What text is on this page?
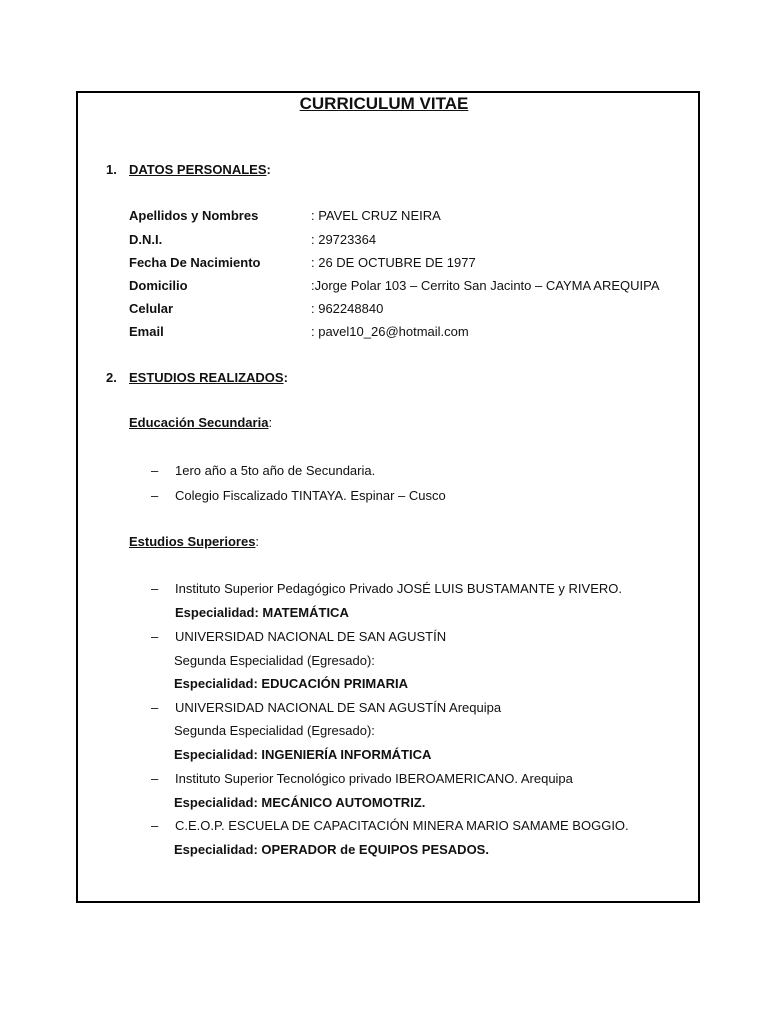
CURRICULUM VITAE
1. DATOS PERSONALES:
Apellidos y Nombres	: PAVEL CRUZ NEIRA
D.N.I.	: 29723364
Fecha De Nacimiento	: 26 DE OCTUBRE DE 1977
Domicilio	:Jorge Polar 103 – Cerrito San Jacinto – CAYMA AREQUIPA
Celular	: 962248840
Email	: pavel10_26@hotmail.com
2. ESTUDIOS REALIZADOS:
Educación Secundaria:
– 1ero año a 5to año de Secundaria.
– Colegio Fiscalizado TINTAYA. Espinar – Cusco
Estudios Superiores:
– Instituto Superior Pedagógico Privado JOSÉ LUIS BUSTAMANTE y RIVERO.
Especialidad: MATEMÁTICA
– UNIVERSIDAD NACIONAL DE SAN AGUSTÍN
Segunda Especialidad (Egresado):
Especialidad: EDUCACIÓN PRIMARIA
– UNIVERSIDAD NACIONAL DE SAN AGUSTÍN Arequipa
Segunda Especialidad (Egresado):
Especialidad: INGENIERÍA INFORMÁTICA
– Instituto Superior Tecnológico privado IBEROAMERICANO. Arequipa
Especialidad: MECÁNICO AUTOMOTRIZ.
– C.E.O.P. ESCUELA DE CAPACITACIÓN MINERA MARIO SAMAME BOGGIO.
Especialidad: OPERADOR de EQUIPOS PESADOS.
